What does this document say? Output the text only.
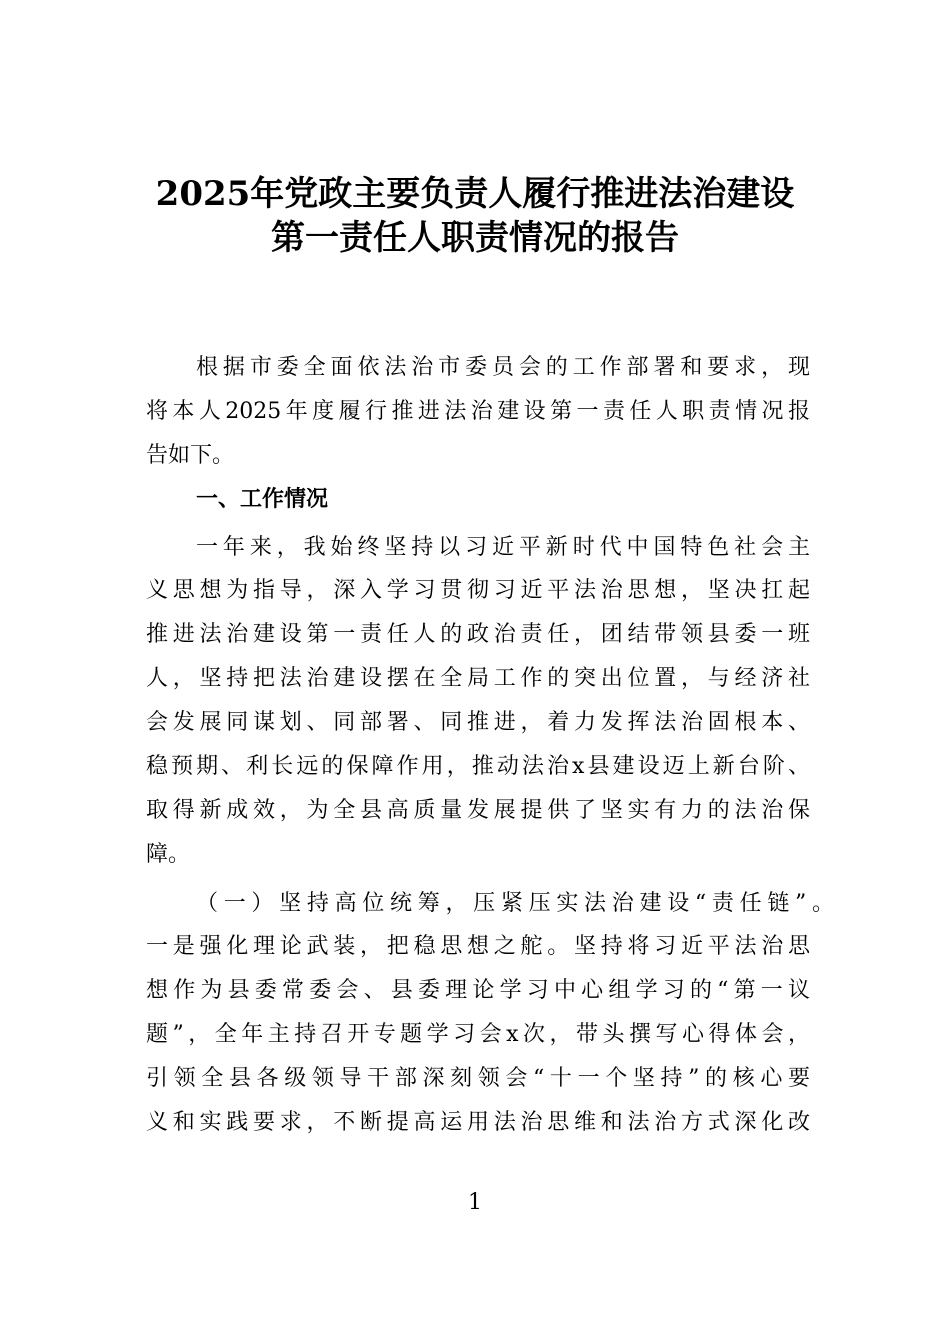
2025年党政主要负责人履行推进法治建设
第一责任人职责情况的报告
根据市委全面依法治市委员会的工作部署和要求，现
将本人2025年度履行推进法治建设第一责任人职责情况报
告如下。
一、工作情况
一年来，我始终坚持以习近平新时代中国特色社会主
义思想为指导，深入学习贯彻习近平法治思想，坚决扛起
推进法治建设第一责任人的政治责任，团结带领县委一班
人，坚持把法治建设摆在全局工作的突出位置，与经济社
会发展同谋划、同部署、同推进，着力发挥法治固根本、
稳预期、利长远的保障作用，推动法治x县建设迈上新台阶、
取得新成效，为全县高质量发展提供了坚实有力的法治保
障。
（一）坚持高位统筹，压紧压实法治建设“责任链”。
一是强化理论武装，把稳思想之舵。坚持将习近平法治思
想作为县委常委会、县委理论学习中心组学习的“第一议
题”，全年主持召开专题学习会x次，带头撰写心得体会，
引领全县各级领导干部深刻领会“十一个坚持”的核心要
义和实践要求，不断提高运用法治思维和法治方式深化改
1
